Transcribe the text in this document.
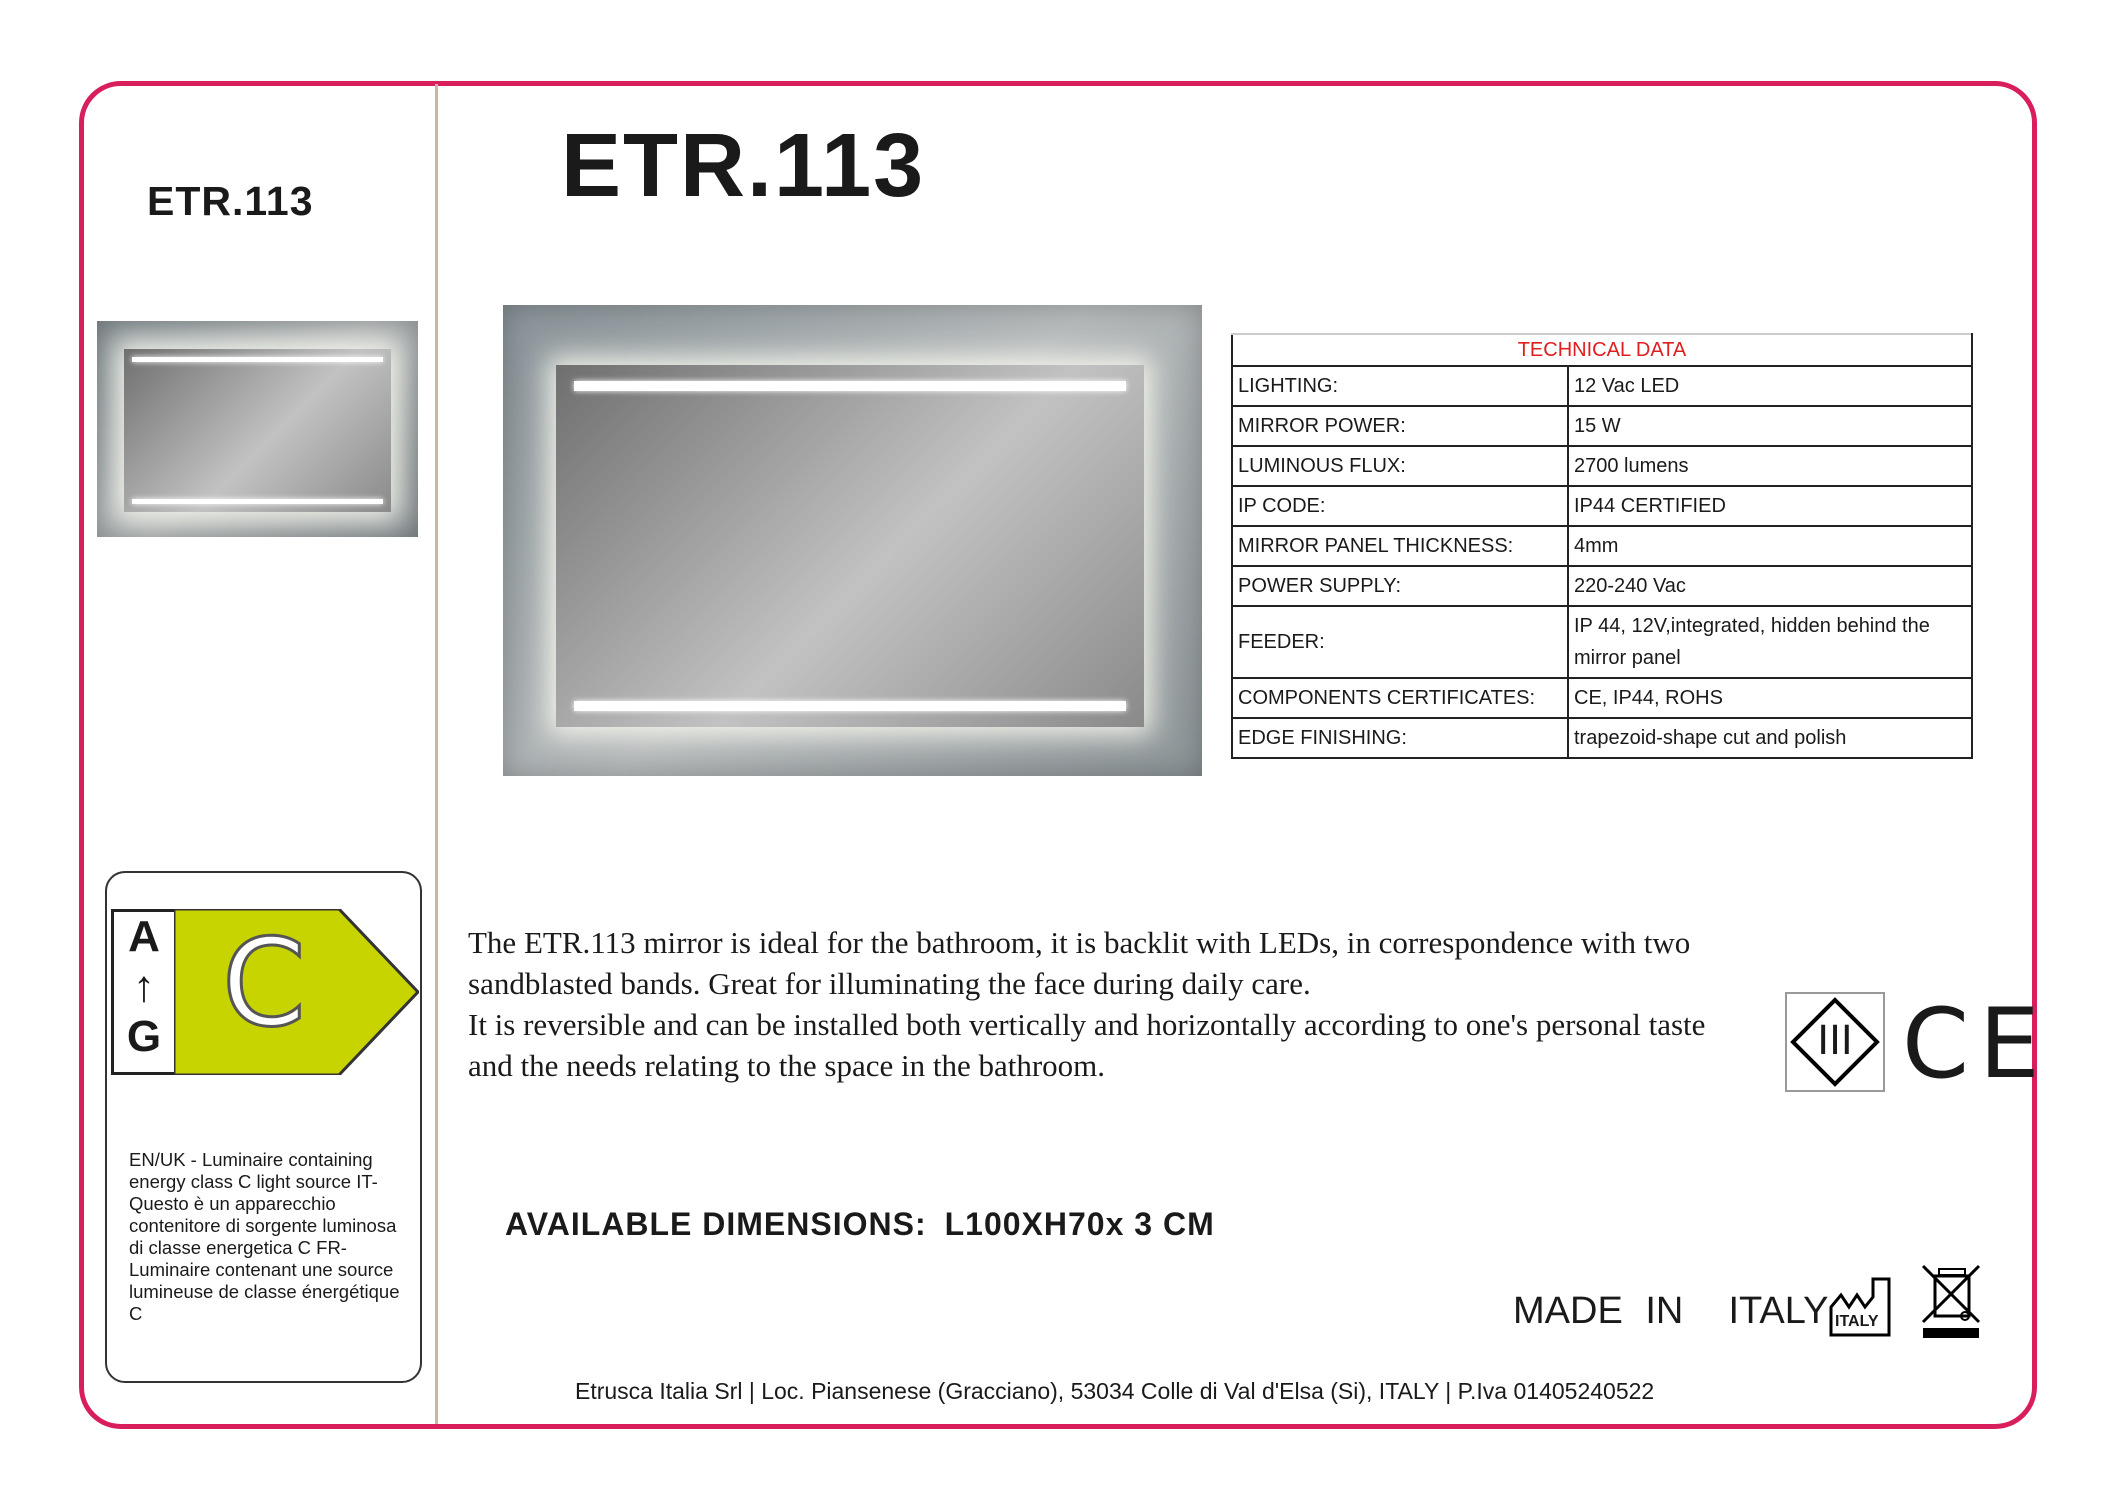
ETR.113	ETR.113
TECHNICAL DATA	
LIGHTING:	12 Vac LED
MIRROR POWER:	15 W
LUMINOUS FLUX:	2700 lumens
IP CODE:	IP44 CERTIFIED
MIRROR PANEL THICKNESS:	4mm
POWER SUPPLY:	220-240 Vac
FEEDER:	IP 44, 12V,integrated, hidden behind the mirror panel
COMPONENTS CERTIFICATES:	CE, IP44, ROHS
EDGE FINISHING:	trapezoid-shape cut and polish
A
↑
G C
EN/UK - Luminaire containing energy class C light source IT- Questo è un apparecchio contenitore di sorgente luminosa di classe energetica C FR- Luminaire contenant une source lumineuse de classe énergétique C

The ETR.113 mirror is ideal for the bathroom, it is backlit with LEDs, in correspondence with two sandblasted bands. Great for illuminating the face during daily care.

It is reversible and can be installed both vertically and horizontally according to one's personal taste and the needs relating to the space in the bathroom.

III CE
AVAILABLE DIMENSIONS: L100XH70x 3 CM
MADE IN  ITALY ITALY
Etrusca Italia Srl | Loc. Piansenese (Gracciano), 53034 Colle di Val d'Elsa (Si), ITALY | P.Iva 01405240522
